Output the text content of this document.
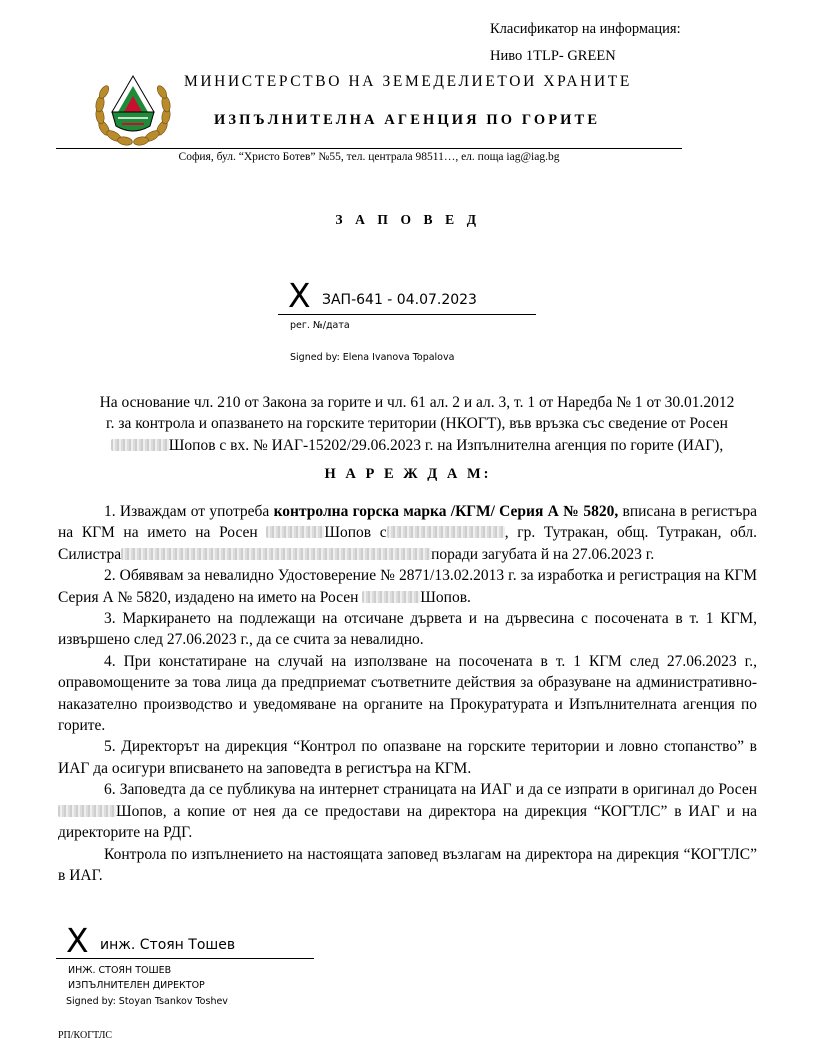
Класификатор на информация:
Ниво 1TLP- GREEN
МИНИСТЕРСТВО НА ЗЕМЕДЕЛИЕТОИ ХРАНИТЕ
ИЗПЪЛНИТЕЛНА АГЕНЦИЯ ПО ГОРИТЕ
София, бул. “Христо Ботев” №55, тел. централа 98511…, ел. поща iag@iag.bg
З А П О В Е Д
X ЗАП-641 - 04.07.2023
рег. №/дата
Signed by: Elena Ivanova Topalova
На основание чл. 210 от Закона за горите и чл. 61 ал. 2 и ал. 3, т. 1 от Наредба № 1 от 30.01.2012
г. за контрола и опазването на горските територии (НКОГТ), във връзка със сведение от Росен
Шопов с вх. № ИАГ-15202/29.06.2023 г. на Изпълнителна агенция по горите (ИАГ),
Н А Р Е Ж Д А М:

1. Изваждам от употреба контролна горска марка /КГМ/ Серия А № 5820, вписана в регистъра на КГМ на името на Росен	Шопов с	, гр. Тутракан, общ. Тутракан, обл. Силистра	поради загубата й на 27.06.2023 г.

2. Обявявам за невалидно Удостоверение № 2871/13.02.2013 г. за изработка и регистрация на КГМ Серия А № 5820, издадено на името на Росен	Шопов.

3. Маркирането на подлежащи на отсичане дървета и на дървесина с посочената в т. 1 КГМ, извършено след 27.06.2023 г., да се счита за невалидно.

4. При констатиране на случай на използване на посочената в т. 1 КГМ след 27.06.2023 г., оправомощените за това лица да предприемат съответните действия за образуване на административно-наказателно производство и уведомяване на органите на Прокуратурата и Изпълнителната агенция по горите.

5. Директорът на дирекция “Контрол по опазване на горските територии и ловно стопанство” в ИАГ да осигури вписването на заповедта в регистъра на КГМ.

6. Заповедта да се публикува на интернет страницата на ИАГ и да се изпрати в оригинал до РосенШопов, а копие от нея да се предостави на директора на дирекция “КОГТЛС” в ИАГ и на директорите на РДГ.

Контрола по изпълнението на настоящата заповед възлагам на директора на дирекция “КОГТЛС” в ИАГ.

X инж. Стоян Тошев
ИНЖ. СТОЯН ТОШЕВ
ИЗПЪЛНИТЕЛЕН ДИРЕКТОР
Signed by: Stoyan Tsankov Toshev
РП/КОГТЛС
